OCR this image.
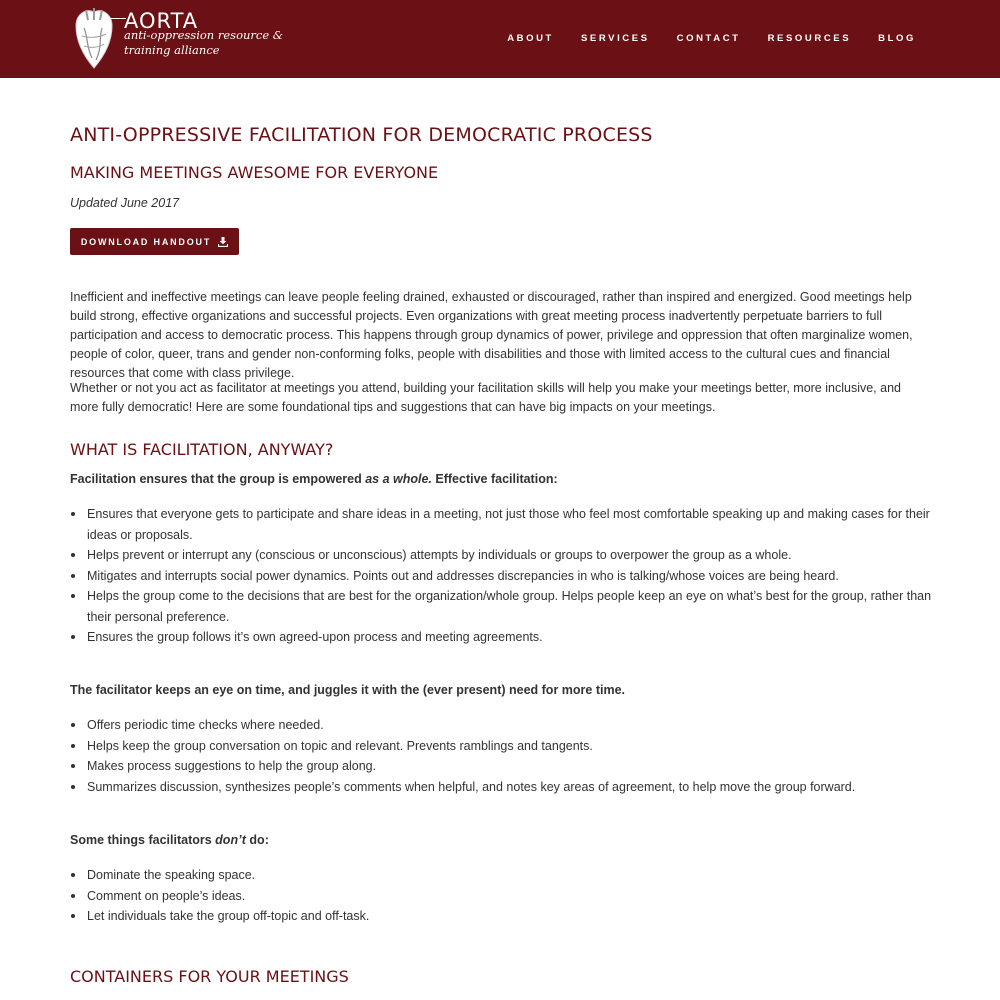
AORTA
anti-oppression resource & training alliance
ABOUT	SERVICES	CONTACT	RESOURCES	BLOG
ANTI-OPPRESSIVE FACILITATION FOR DEMOCRATIC PROCESS
MAKING MEETINGS AWESOME FOR EVERYONE
Updated June 2017
DOWNLOAD HANDOUT

Inefficient and ineffective meetings can leave people feeling drained, exhausted or discouraged, rather than inspired and energized. Good meetings help build strong, effective organizations and successful projects. Even organizations with great meeting process inadvertently perpetuate barriers to full participation and access to democratic process. This happens through group dynamics of power, privilege and oppression that often marginalize women, people of color, queer, trans and gender non-conforming folks, people with disabilities and those with limited access to the cultural cues and financial resources that come with class privilege.

Whether or not you act as facilitator at meetings you attend, building your facilitation skills will help you make your meetings better, more inclusive, and more fully democratic! Here are some foundational tips and suggestions that can have big impacts on your meetings.

WHAT IS FACILITATION, ANYWAY?
Facilitation ensures that the group is empowered as a whole. Effective facilitation:
Ensures that everyone gets to participate and share ideas in a meeting, not just those who feel most comfortable speaking up and making cases for their ideas or proposals.
Helps prevent or interrupt any (conscious or unconscious) attempts by individuals or groups to overpower the group as a whole.
Mitigates and interrupts social power dynamics. Points out and addresses discrepancies in who is talking/whose voices are being heard.
Helps the group come to the decisions that are best for the organization/whole group. Helps people keep an eye on what’s best for the group, rather than their personal preference.
Ensures the group follows it’s own agreed-upon process and meeting agreements.
The facilitator keeps an eye on time, and juggles it with the (ever present) need for more time.
Offers periodic time checks where needed.
Helps keep the group conversation on topic and relevant. Prevents ramblings and tangents.
Makes process suggestions to help the group along.
Summarizes discussion, synthesizes people’s comments when helpful, and notes key areas of agreement, to help move the group forward.
Some things facilitators don’t do:
Dominate the speaking space.
Comment on people’s ideas.
Let individuals take the group off-topic and off-task.
CONTAINERS FOR YOUR MEETINGS
